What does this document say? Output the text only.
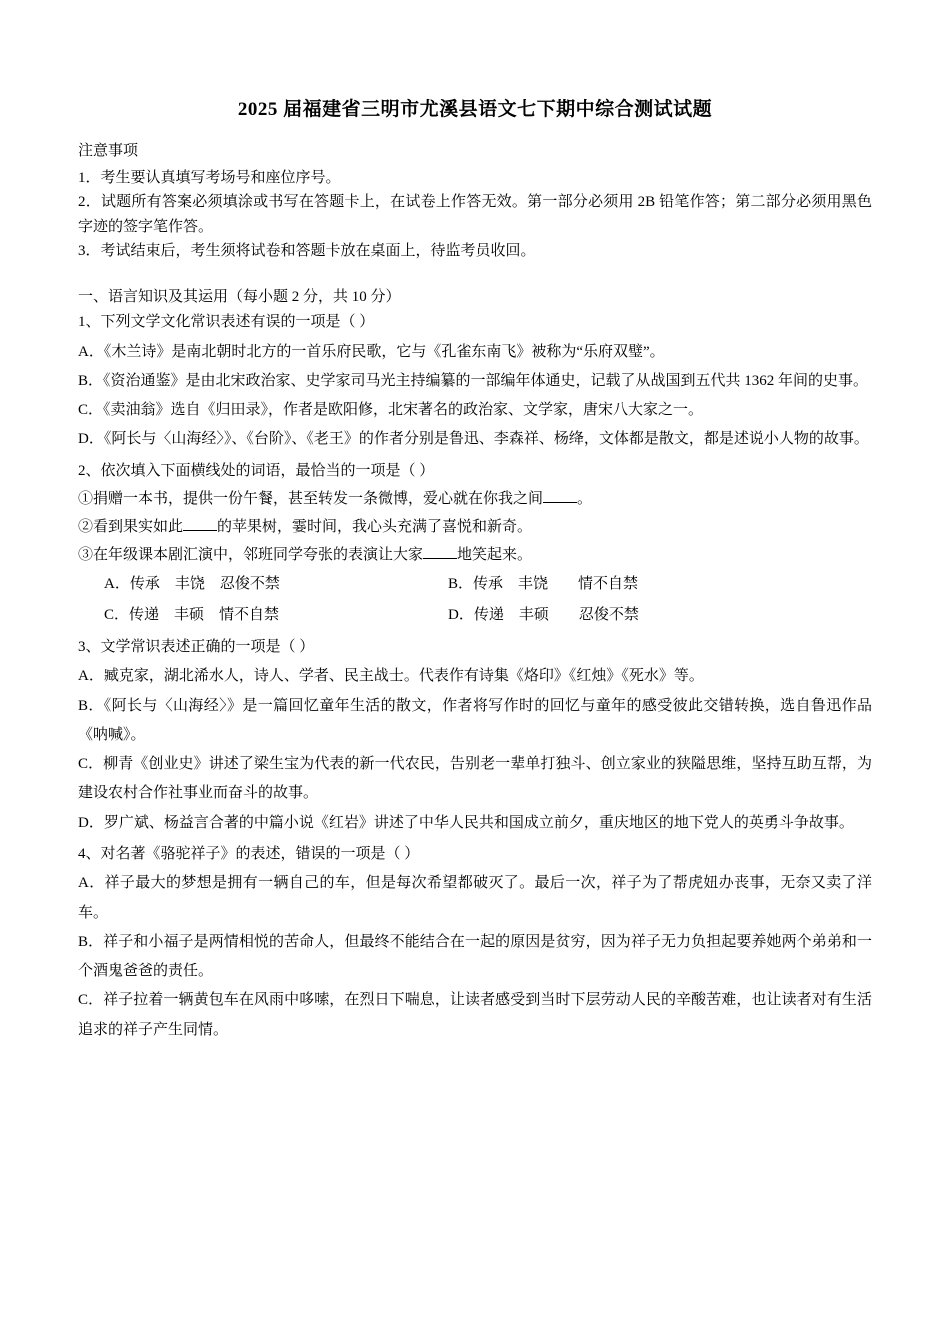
2025 届福建省三明市尤溪县语文七下期中综合测试试题
注意事项

1．考生要认真填写考场号和座位序号。

2．试题所有答案必须填涂或书写在答题卡上，在试卷上作答无效。第一部分必须用 2B 铅笔作答；第二部分必须用黑色字迹的签字笔作答。

3．考试结束后，考生须将试卷和答题卡放在桌面上，待监考员收回。

一、语言知识及其运用（每小题 2 分，共 10 分）

1、下列文学文化常识表述有误的一项是（ ）

A．《木兰诗》是南北朝时北方的一首乐府民歌，它与《孔雀东南飞》被称为“乐府双璧”。

B．《资治通鉴》是由北宋政治家、史学家司马光主持编纂的一部编年体通史，记载了从战国到五代共 1362 年间的史事。

C．《卖油翁》选自《归田录》，作者是欧阳修，北宋著名的政治家、文学家，唐宋八大家之一。

D．《阿长与〈山海经〉》、《台阶》、《老王》的作者分别是鲁迅、李森祥、杨绛，文体都是散文，都是述说小人物的故事。

2、依次填入下面横线处的词语，最恰当的一项是（ ）

①捐赠一本书，提供一份午餐，甚至转发一条微博，爱心就在你我之间 。

②看到果实如此 的苹果树，霎时间，我心头充满了喜悦和新奇。

③在年级课本剧汇演中，邻班同学夸张的表演让大家 地笑起来。

A．传承　丰饶　忍俊不禁	B．传承　丰饶　　情不自禁
C．传递　丰硕　情不自禁	D．传递　丰硕　　忍俊不禁

3、文学常识表述正确的一项是（ ）

A．臧克家，湖北浠水人，诗人、学者、民主战士。代表作有诗集《烙印》《红烛》《死水》等。

B．《阿长与〈山海经〉》是一篇回忆童年生活的散文，作者将写作时的回忆与童年的感受彼此交错转换，选自鲁迅作品《呐喊》。

C．柳青《创业史》讲述了梁生宝为代表的新一代农民，告别老一辈单打独斗、创立家业的狭隘思维，坚持互助互帮，为建设农村合作社事业而奋斗的故事。

D．罗广斌、杨益言合著的中篇小说《红岩》讲述了中华人民共和国成立前夕，重庆地区的地下党人的英勇斗争故事。

4、对名著《骆驼祥子》的表述，错误的一项是（ ）

A．祥子最大的梦想是拥有一辆自己的车，但是每次希望都破灭了。最后一次，祥子为了帮虎妞办丧事，无奈又卖了洋车。

B．祥子和小福子是两情相悦的苦命人，但最终不能结合在一起的原因是贫穷，因为祥子无力负担起要养她两个弟弟和一个酒鬼爸爸的责任。

C．祥子拉着一辆黄包车在风雨中哆嗦，在烈日下喘息，让读者感受到当时下层劳动人民的辛酸苦难，也让读者对有生活追求的祥子产生同情。
